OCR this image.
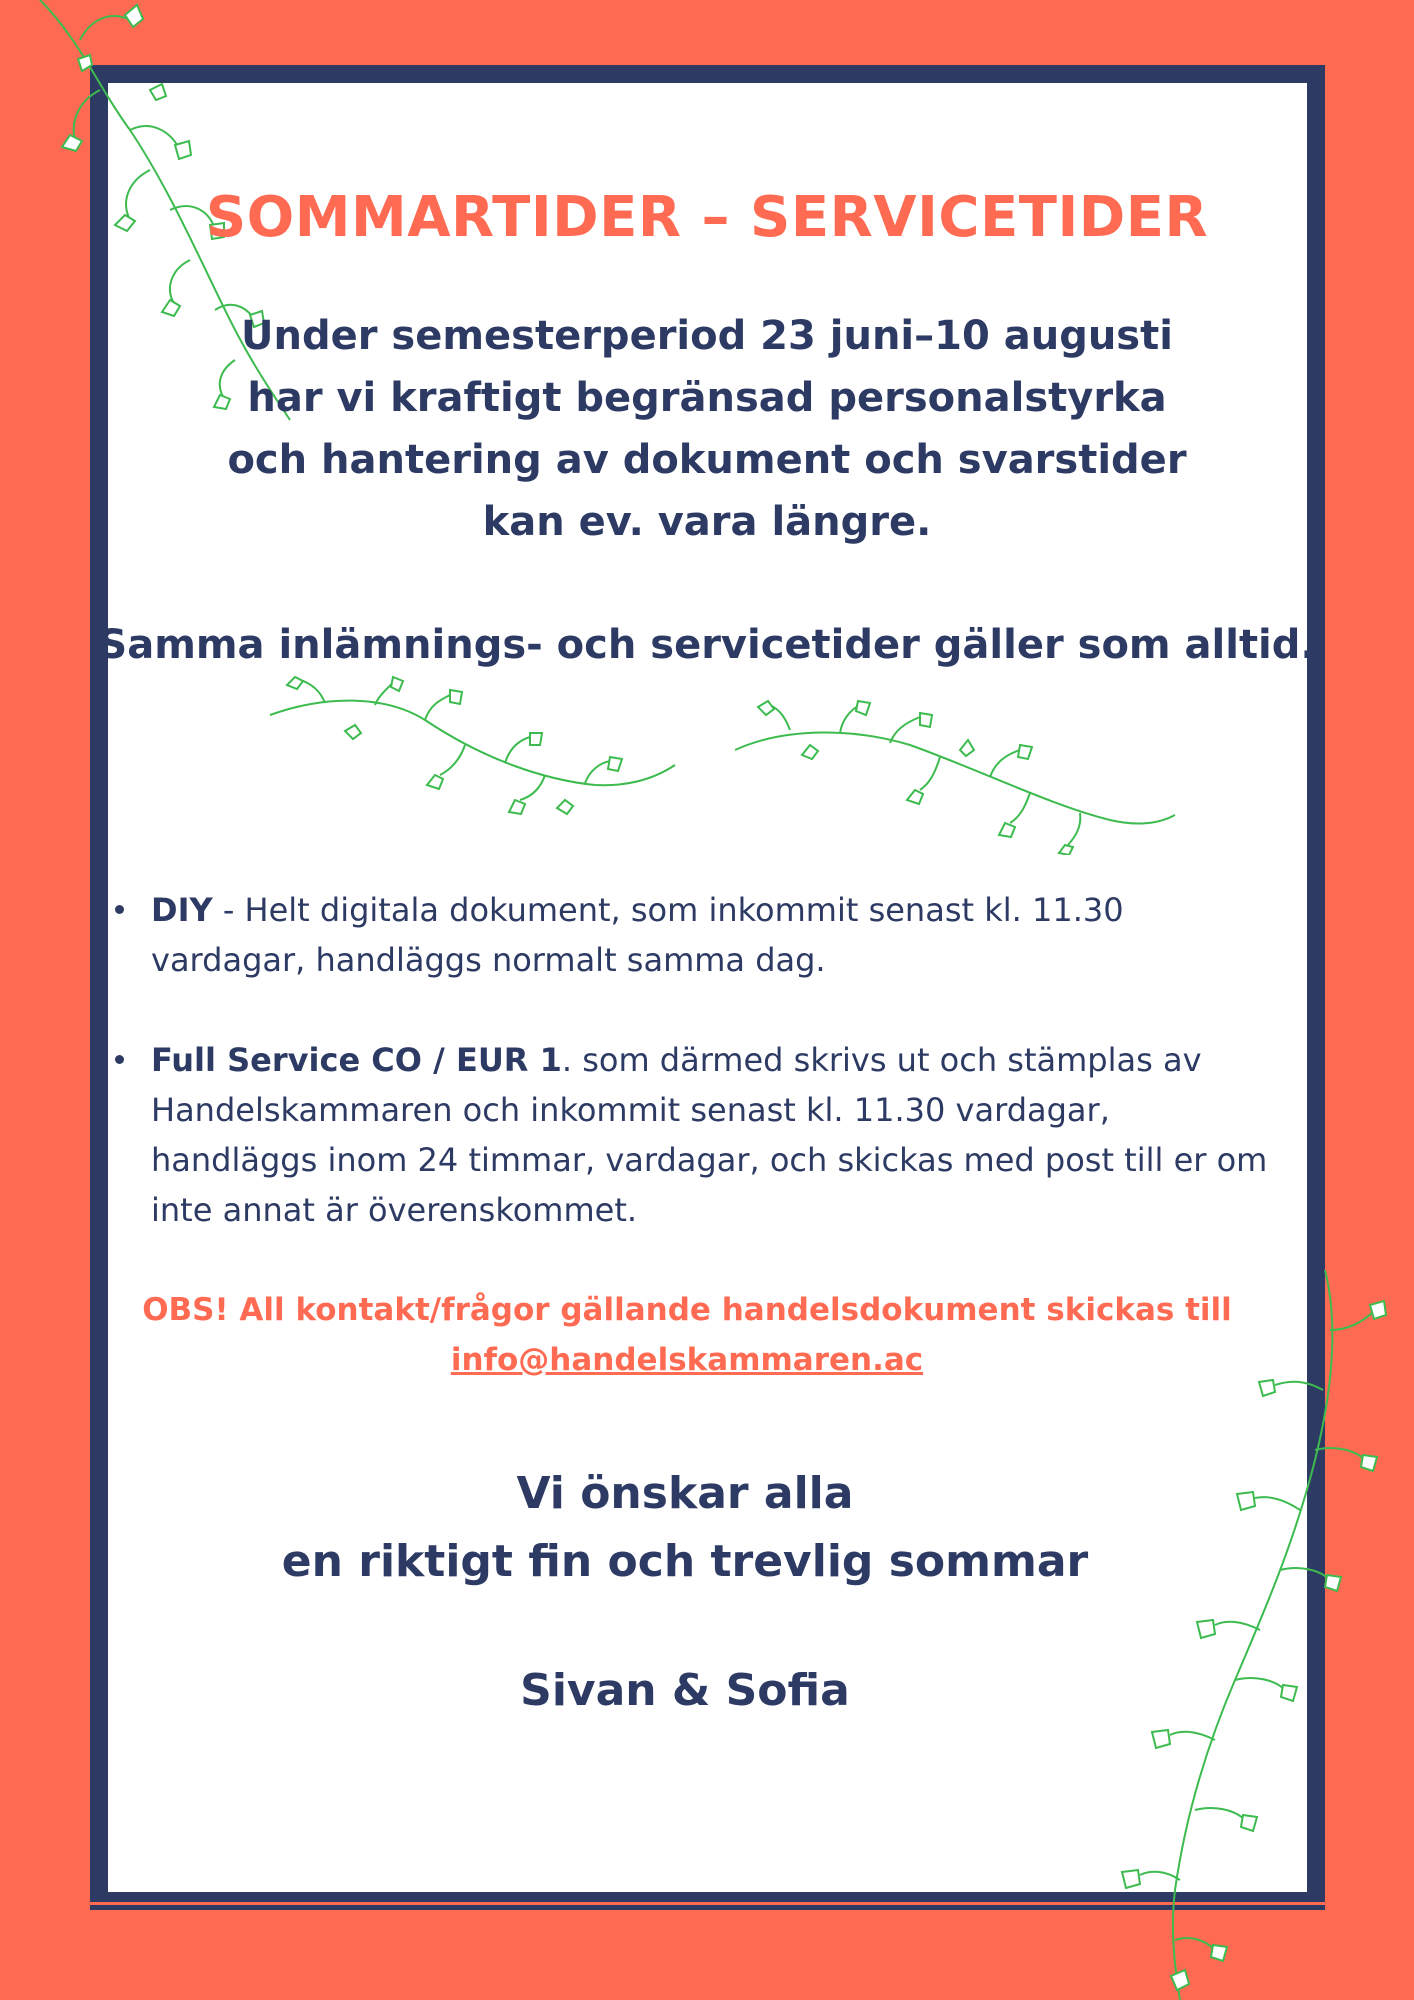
SOMMARTIDER – SERVICETIDER
Under semesterperiod 23 juni–10 augusti
har vi kraftigt begränsad personalstyrka
och hantering av dokument och svarstider
kan ev. vara längre.
Samma inlämnings- och servicetider gäller som alltid.
DIY - Helt digitala dokument, som inkommit senast kl. 11.30 vardagar, handläggs normalt samma dag.
Full Service CO / EUR 1. som därmed skrivs ut och stämplas av Handelskammaren och inkommit senast kl. 11.30 vardagar, handläggs inom 24 timmar, vardagar, och skickas med post till er om inte annat är överenskommet.
OBS! All kontakt/frågor gällande handelsdokument skickas till
info@handelskammaren.ac
Vi önskar alla
en riktigt fin och trevlig sommar
Sivan & Sofia
